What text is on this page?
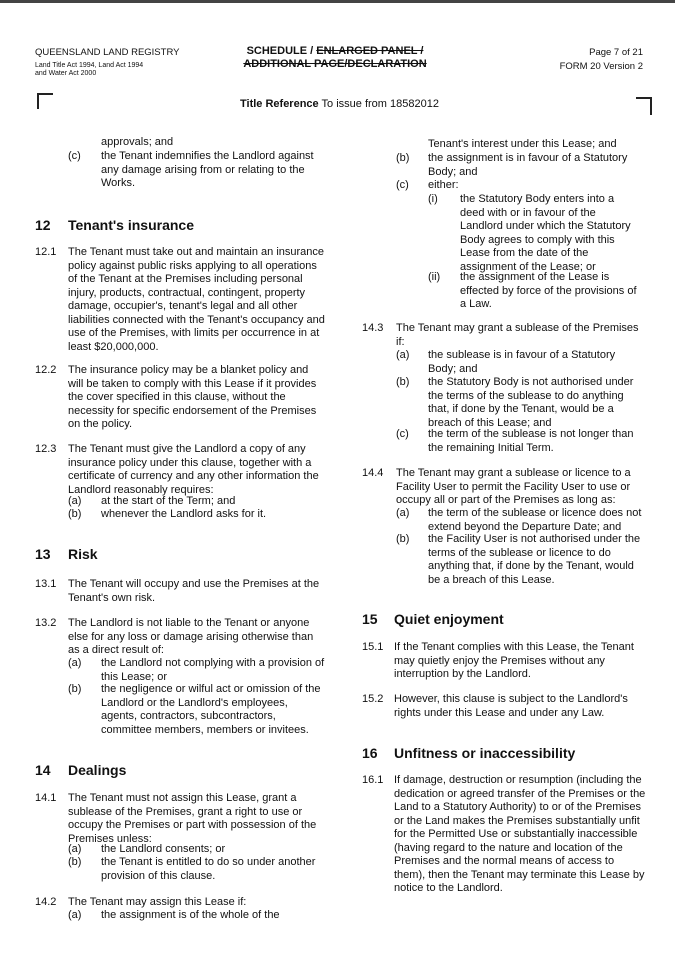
QUEENSLAND LAND REGISTRY
Land Title Act 1994, Land Act 1994
and Water Act 2000
SCHEDULE / ENLARGED PANEL /
ADDITIONAL PAGE/DECLARATION
Page 7 of 21
FORM 20 Version 2
Title Reference To issue from 18582012
approvals; and
(c) the Tenant indemnifies the Landlord against any damage arising from or relating to the Works.
12 Tenant's insurance
12.1 The Tenant must take out and maintain an insurance policy against public risks applying to all operations of the Tenant at the Premises including personal injury, products, contractual, contingent, property damage, occupier's, tenant's legal and all other liabilities connected with the Tenant's occupancy and use of the Premises, with limits per occurrence in at least $20,000,000.
12.2 The insurance policy may be a blanket policy and will be taken to comply with this Lease if it provides the cover specified in this clause, without the necessity for specific endorsement of the Premises on the policy.
12.3 The Tenant must give the Landlord a copy of any insurance policy under this clause, together with a certificate of currency and any other information the Landlord reasonably requires:
(a) at the start of the Term; and
(b) whenever the Landlord asks for it.
13 Risk
13.1 The Tenant will occupy and use the Premises at the Tenant's own risk.
13.2 The Landlord is not liable to the Tenant or anyone else for any loss or damage arising otherwise than as a direct result of:
(a) the Landlord not complying with a provision of this Lease; or
(b) the negligence or wilful act or omission of the Landlord or the Landlord's employees, agents, contractors, subcontractors, committee members, members or invitees.
14 Dealings
14.1 The Tenant must not assign this Lease, grant a sublease of the Premises, grant a right to use or occupy the Premises or part with possession of the Premises unless:
(a) the Landlord consents; or
(b) the Tenant is entitled to do so under another provision of this clause.
14.2 The Tenant may assign this Lease if:
(a) the assignment is of the whole of the
Tenant's interest under this Lease; and
(b) the assignment is in favour of a Statutory Body; and
(c) either:
(i) the Statutory Body enters into a deed with or in favour of the Landlord under which the Statutory Body agrees to comply with this Lease from the date of the assignment of the Lease; or
(ii) the assignment of the Lease is effected by force of the provisions of a Law.
14.3 The Tenant may grant a sublease of the Premises if:
(a) the sublease is in favour of a Statutory Body; and
(b) the Statutory Body is not authorised under the terms of the sublease to do anything that, if done by the Tenant, would be a breach of this Lease; and
(c) the term of the sublease is not longer than the remaining Initial Term.
14.4 The Tenant may grant a sublease or licence to a Facility User to permit the Facility User to use or occupy all or part of the Premises as long as:
(a) the term of the sublease or licence does not extend beyond the Departure Date; and
(b) the Facility User is not authorised under the terms of the sublease or licence to do anything that, if done by the Tenant, would be a breach of this Lease.
15 Quiet enjoyment
15.1 If the Tenant complies with this Lease, the Tenant may quietly enjoy the Premises without any interruption by the Landlord.
15.2 However, this clause is subject to the Landlord's rights under this Lease and under any Law.
16 Unfitness or inaccessibility
16.1 If damage, destruction or resumption (including the dedication or agreed transfer of the Premises or the Land to a Statutory Authority) to or of the Premises or the Land makes the Premises substantially unfit for the Permitted Use or substantially inaccessible (having regard to the nature and location of the Premises and the normal means of access to them), then the Tenant may terminate this Lease by notice to the Landlord.
